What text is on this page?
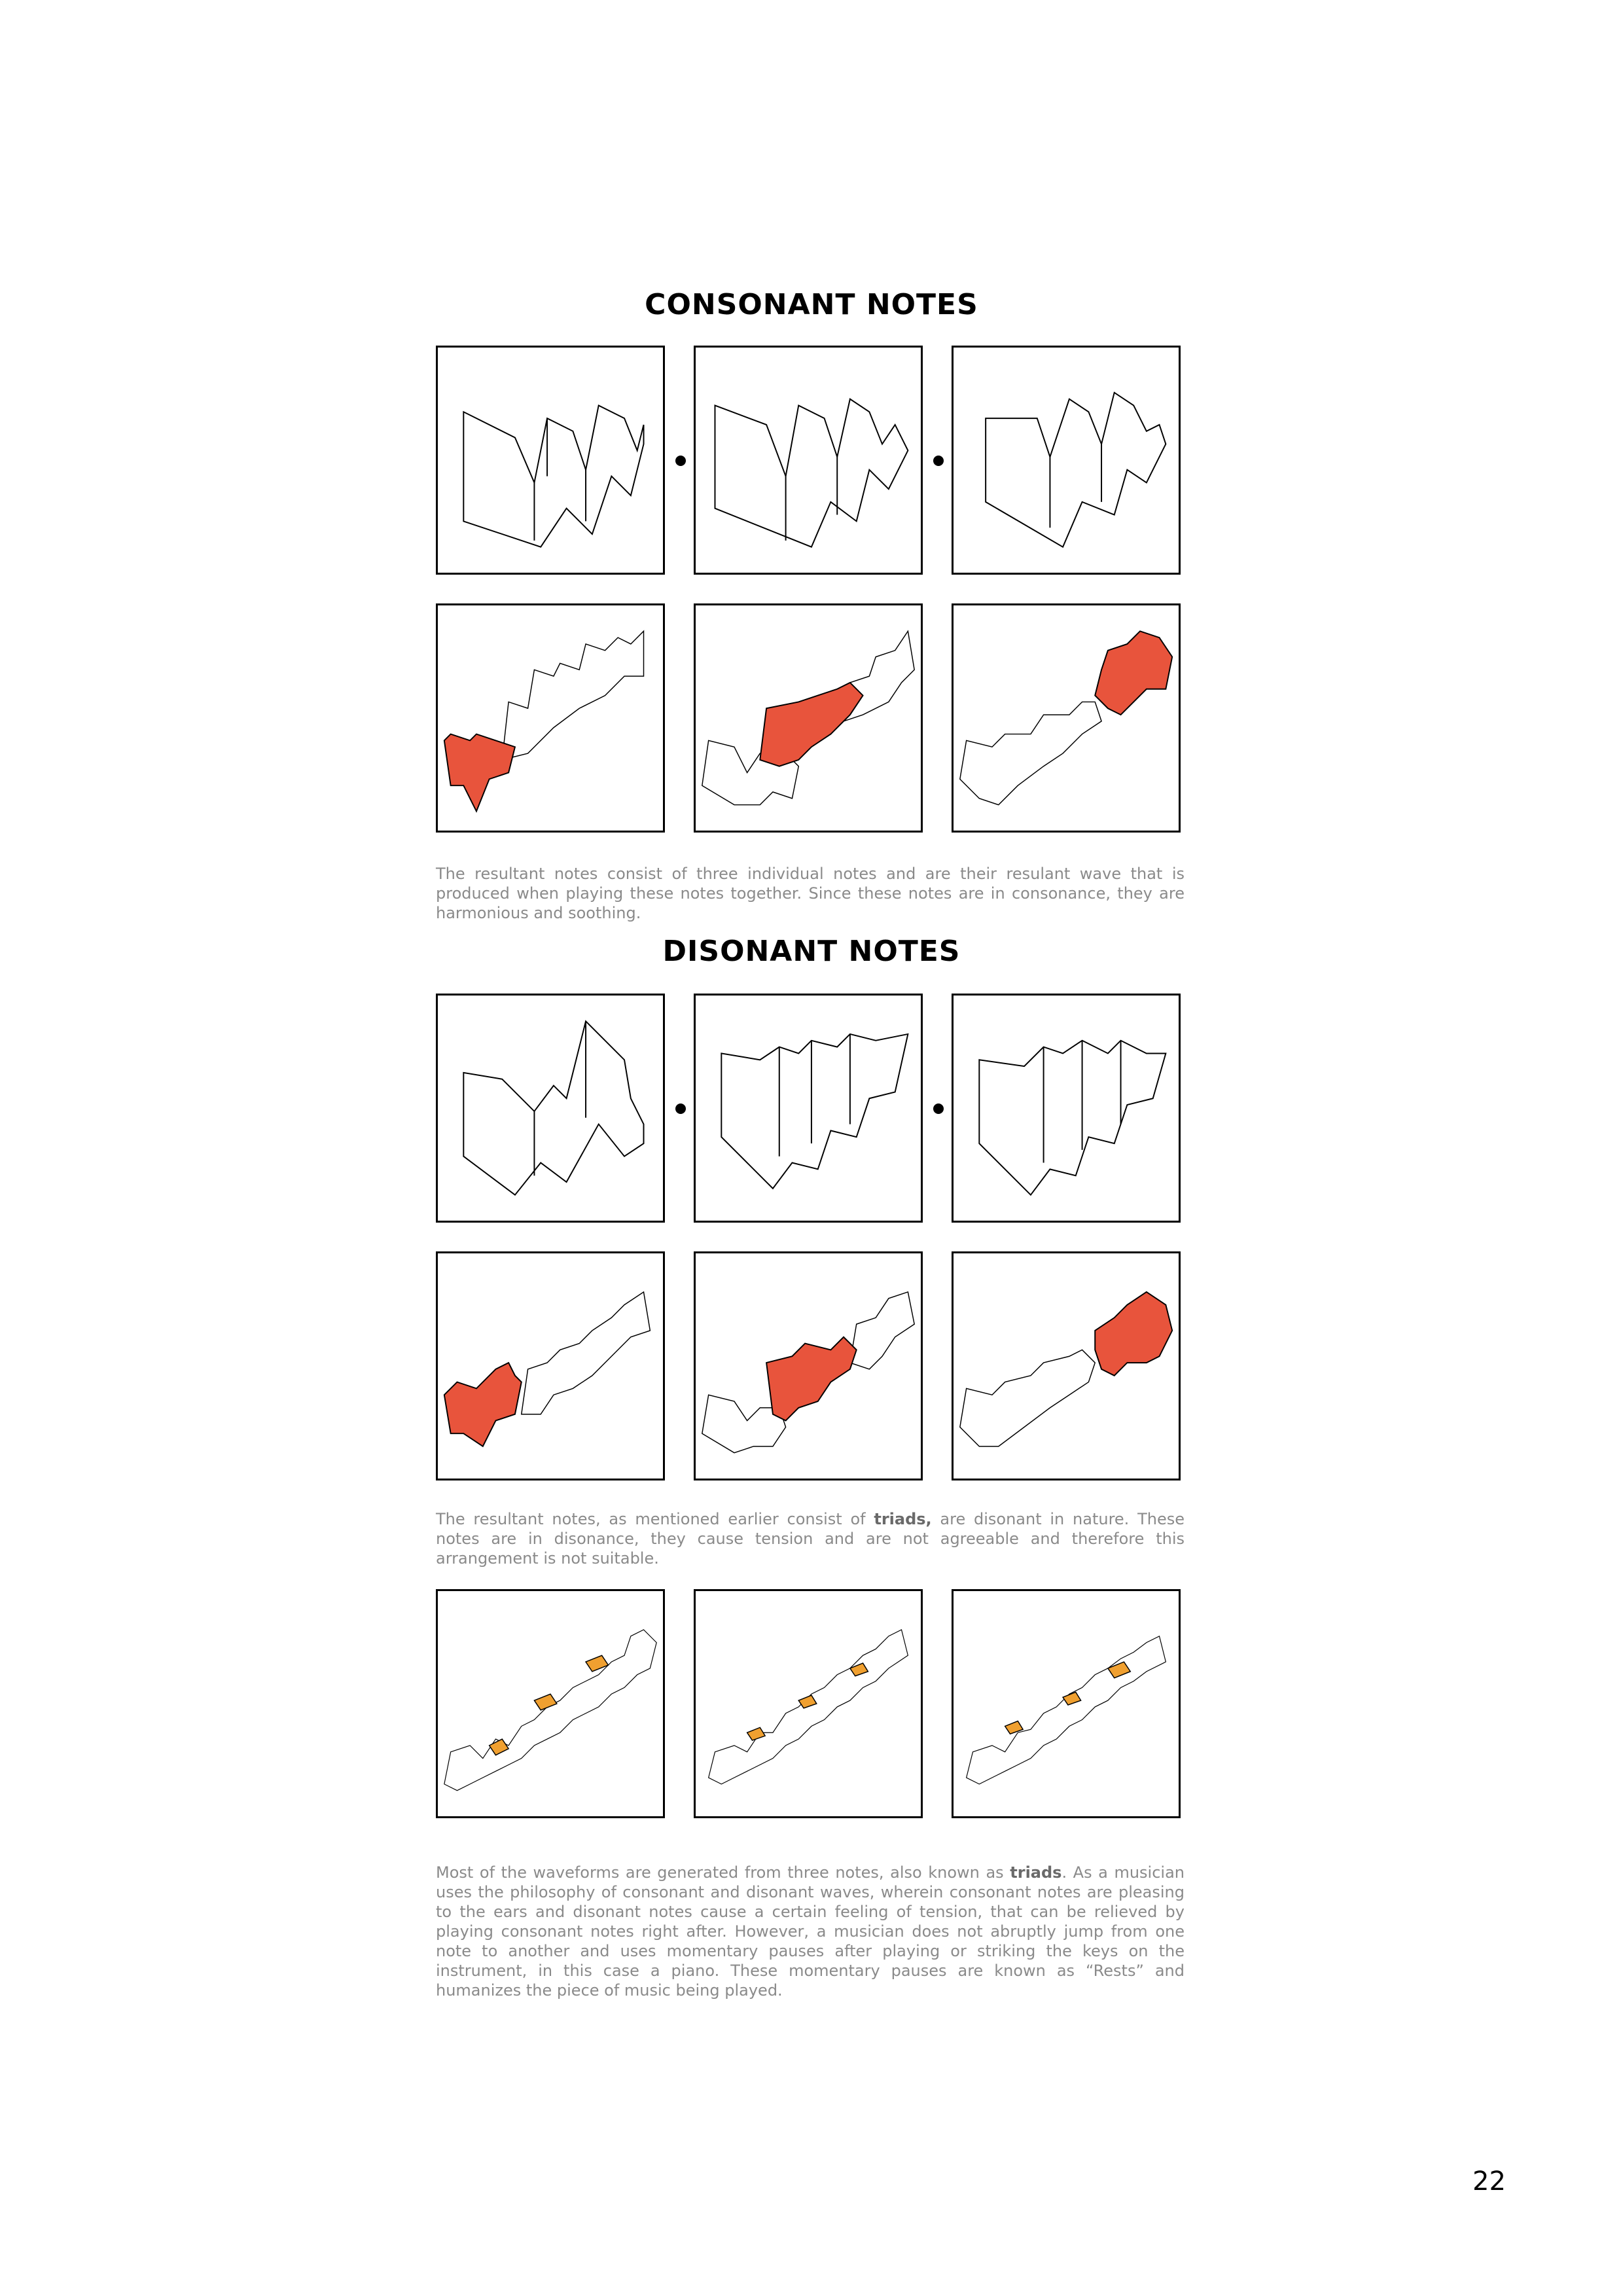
CONSONANT NOTES

The resultant notes consist of three individual notes and are their resulant wave that is produced when playing these notes together. Since these notes are in consonance, they are harmonious and soothing.

DISONANT NOTES

The resultant notes, as mentioned earlier consist of triads, are disonant in nature. These notes are in disonance, they cause tension and are not agreeable and therefore this arrangement is not suitable.

Most of the waveforms are generated from three notes, also known as triads. As a musician uses the philosophy of consonant and disonant waves, wherein consonant notes are pleasing to the ears and disonant notes cause a certain feeling of tension, that can be relieved by playing consonant notes right after. However, a musician does not abruptly jump from one note to another and uses momentary pauses after playing or striking the keys on the instrument, in this case a piano. These momentary pauses are known as “Rests” and humanizes the piece of music being played.

22
